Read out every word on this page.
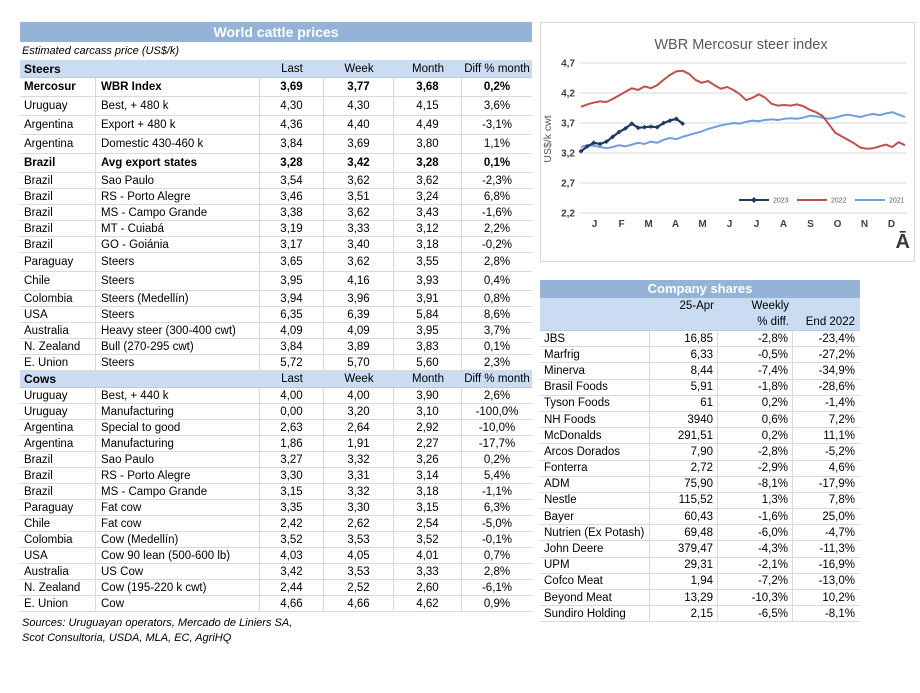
World cattle prices
Estimated carcass price (US$/k)
Steers	Last	Week	Month	Diff % month
Mercosur	WBR Index	3,69	3,77	3,68	0,2%
Uruguay	Best, + 480 k	4,30	4,30	4,15	3,6%
Argentina	Export + 480 k	4,36	4,40	4,49	-3,1%
Argentina	Domestic 430-460 k	3,84	3,69	3,80	1,1%
Brazil	Avg export states	3,28	3,42	3,28	0,1%
Brazil	Sao Paulo	3,54	3,62	3,62	-2,3%
Brazil	RS - Porto Alegre	3,46	3,51	3,24	6,8%
Brazil	MS - Campo Grande	3,38	3,62	3,43	-1,6%
Brazil	MT - Cuiabá	3,19	3,33	3,12	2,2%
Brazil	GO - Goiánia	3,17	3,40	3,18	-0,2%
Paraguay	Steers	3,65	3,62	3,55	2,8%
Chile	Steers	3,95	4,16	3,93	0,4%
Colombia	Steers (Medellín)	3,94	3,96	3,91	0,8%
USA	Steers	6,35	6,39	5,84	8,6%
Australia	Heavy steer (300-400 cwt)	4,09	4,09	3,95	3,7%
N. Zealand	Bull (270-295 cwt)	3,84	3,89	3,83	0,1%
E. Union	Steers	5,72	5,70	5,60	2,3%
Cows	Last	Week	Month	Diff % month
Uruguay	Best, + 440 k	4,00	4,00	3,90	2,6%
Uruguay	Manufacturing	0,00	3,20	3,10	-100,0%
Argentina	Special to good	2,63	2,64	2,92	-10,0%
Argentina	Manufacturing	1,86	1,91	2,27	-17,7%
Brazil	Sao Paulo	3,27	3,32	3,26	0,2%
Brazil	RS - Porto Alegre	3,30	3,31	3,14	5,4%
Brazil	MS - Campo Grande	3,15	3,32	3,18	-1,1%
Paraguay	Fat cow	3,35	3,30	3,15	6,3%
Chile	Fat cow	2,42	2,62	2,54	-5,0%
Colombia	Cow (Medellín)	3,52	3,53	3,52	-0,1%
USA	Cow 90 lean (500-600 lb)	4,03	4,05	4,01	0,7%
Australia	US Cow	3,42	3,53	3,33	2,8%
N. Zealand	Cow (195-220 k cwt)	2,44	2,52	2,60	-6,1%
E. Union	Cow	4,66	4,66	4,62	0,9%
Sources: Uruguayan operators, Mercado de Liniers SA,
Scot Consultoria, USDA, MLA, EC, AgriHQ
WBR Mercosur steer index
4,7
4,2
3,7
3,2
2,7
2,2
US$/k cwt
J F M A M J J A S O N D
2023	2022	2021
Ā
Company shares
25-Apr	Weekly
% diff.	End 2022
JBS	16,85	-2,8%	-23,4%
Marfrig	6,33	-0,5%	-27,2%
Minerva	8,44	-7,4%	-34,9%
Brasil Foods	5,91	-1,8%	-28,6%
Tyson Foods	61	0,2%	-1,4%
NH Foods	3940	0,6%	7,2%
McDonalds	291,51	0,2%	11,1%
Arcos Dorados	7,90	-2,8%	-5,2%
Fonterra	2,72	-2,9%	4,6%
ADM	75,90	-8,1%	-17,9%
Nestle	115,52	1,3%	7,8%
Bayer	60,43	-1,6%	25,0%
Nutrien (Ex Potash)	69,48	-6,0%	-4,7%
John Deere	379,47	-4,3%	-11,3%
UPM	29,31	-2,1%	-16,9%
Cofco Meat	1,94	-7,2%	-13,0%
Beyond Meat	13,29	-10,3%	10,2%
Sundiro Holding	2,15	-6,5%	-8,1%
